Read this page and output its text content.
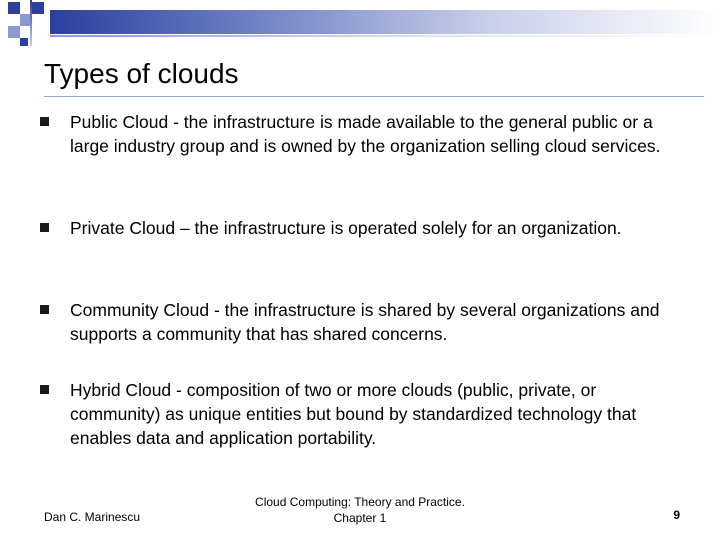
Types of clouds
Public Cloud - the infrastructure is made available to the general public or a large industry group and is owned by the organization selling cloud services.
Private Cloud – the infrastructure is operated solely for an organization.
Community Cloud - the infrastructure is shared by several organizations and supports a community that has shared concerns.
Hybrid Cloud - composition of two or more clouds (public, private, or community) as unique entities but bound by standardized technology that enables data and application portability.
Dan C. Marinescu
Cloud Computing: Theory and Practice.
Chapter 1	9
